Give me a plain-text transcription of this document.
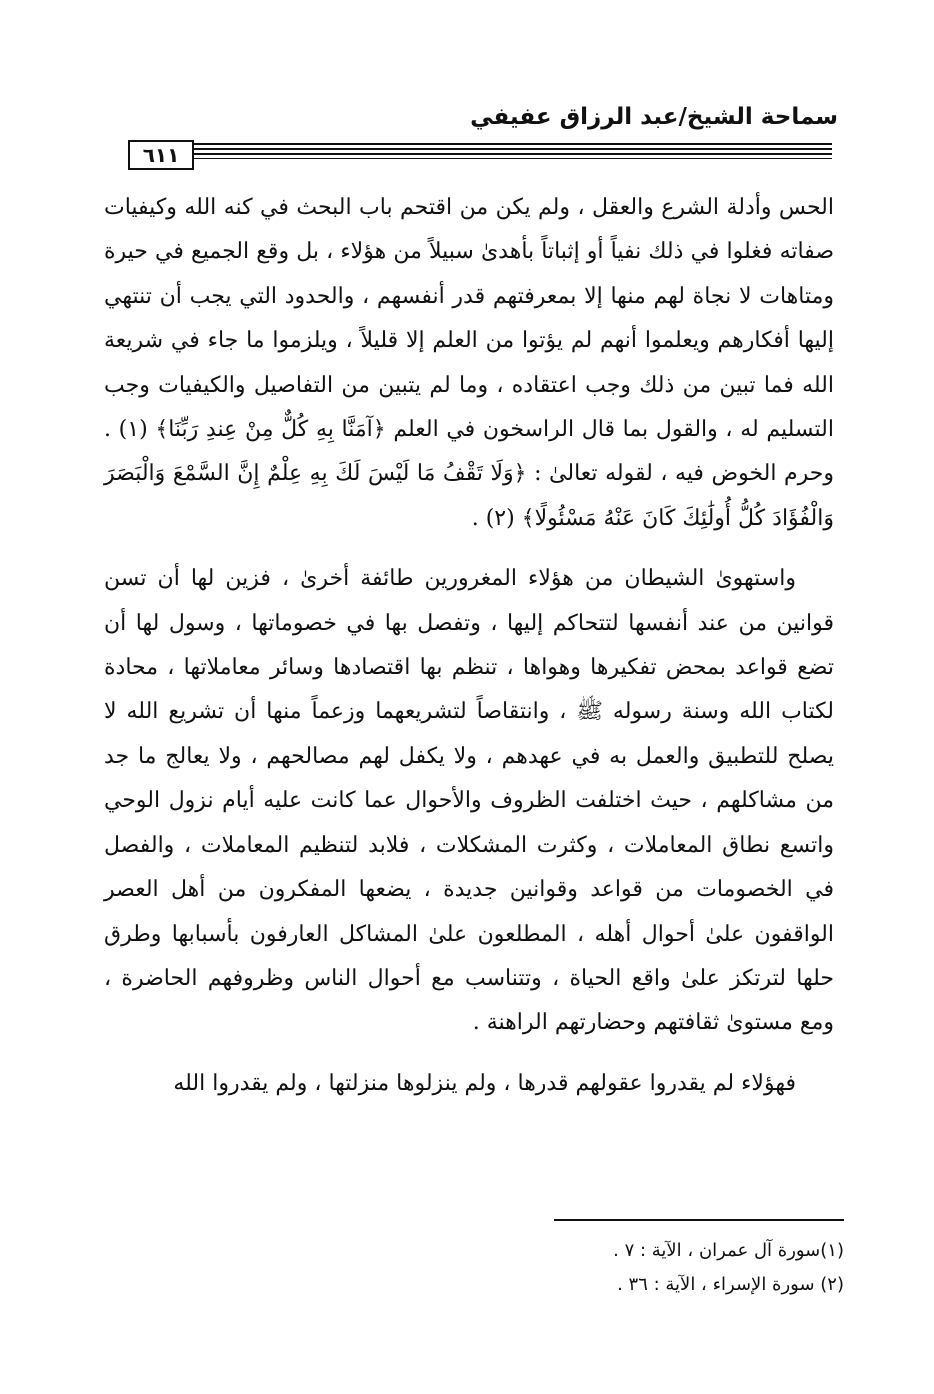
سماحة الشيخ/عبد الرزاق عفيفي
٦١١

الحس وأدلة الشرع والعقل ، ولم يكن من اقتحم باب البحث في كنه الله وكيفيات صفاته فغلوا في ذلك نفياً أو إثباتاً بأهدىٰ سبيلاً من هؤلاء ، بل وقع الجميع في حيرة ومتاهات لا نجاة لهم منها إلا بمعرفتهم قدر أنفسهم ، والحدود التي يجب أن تنتهي إليها أفكارهم ويعلموا أنهم لم يؤتوا من العلم إلا قليلاً ، ويلزموا ما جاء في شريعة الله فما تبين من ذلك وجب اعتقاده ، وما لم يتبين من التفاصيل والكيفيات وجب التسليم له ، والقول بما قال الراسخون في العلم ﴿آمَنَّا بِهِ كُلٌّ مِنْ عِندِ رَبِّنَا﴾ (١) . وحرم الخوض فيه ، لقوله تعالىٰ : ﴿وَلَا تَقْفُ مَا لَيْسَ لَكَ بِهِ عِلْمٌ إِنَّ السَّمْعَ وَالْبَصَرَ وَالْفُؤَادَ كُلُّ أُولَٰئِكَ كَانَ عَنْهُ مَسْئُولًا﴾ (٢) .

واستهوىٰ الشيطان من هؤلاء المغرورين طائفة أخرىٰ ، فزين لها أن تسن قوانين من عند أنفسها لتتحاكم إليها ، وتفصل بها في خصوماتها ، وسول لها أن تضع قواعد بمحض تفكيرها وهواها ، تنظم بها اقتصادها وسائر معاملاتها ، محادة لكتاب الله وسنة رسوله ﷺ ، وانتقاصاً لتشريعهما وزعماً منها أن تشريع الله لا يصلح للتطبيق والعمل به في عهدهم ، ولا يكفل لهم مصالحهم ، ولا يعالج ما جد من مشاكلهم ، حيث اختلفت الظروف والأحوال عما كانت عليه أيام نزول الوحي واتسع نطاق المعاملات ، وكثرت المشكلات ، فلابد لتنظيم المعاملات ، والفصل في الخصومات من قواعد وقوانين جديدة ، يضعها المفكرون من أهل العصر الواقفون علىٰ أحوال أهله ، المطلعون علىٰ المشاكل العارفون بأسبابها وطرق حلها لترتكز علىٰ واقع الحياة ، وتتناسب مع أحوال الناس وظروفهم الحاضرة ، ومع مستوىٰ ثقافتهم وحضارتهم الراهنة .

فهؤلاء لم يقدروا عقولهم قدرها ، ولم ينزلوها منزلتها ، ولم يقدروا الله

(١)سورة آل عمران ، الآية : ٧ .

(٢) سورة الإسراء ، الآية : ٣٦ .
